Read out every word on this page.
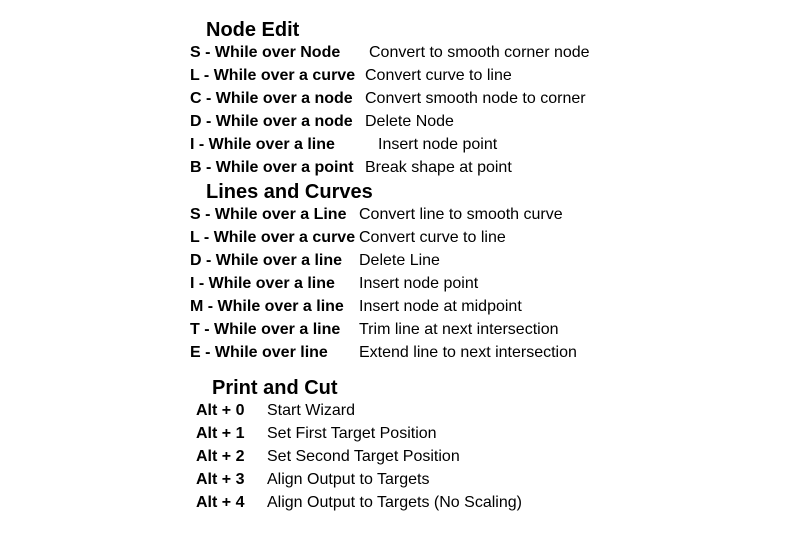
Node Edit
S - While over Node Convert to smooth corner node
L - While over a curve Convert curve to line
C - While over a node Convert smooth node to corner
D - While over a node Delete Node
I - While over a line	Insert node point
B - While over a point Break shape at point
Lines and Curves
S - While over a Line Convert line to smooth curve
L - While over a curve Convert curve to line
D - While over a line Delete Line
I - While over a line Insert node point
M - While over a line Insert node at midpoint
T - While over a line Trim line at next intersection
E - While over line Extend line to next intersection
Print and Cut
Alt + 0 Start Wizard
Alt + 1 Set First Target Position
Alt + 2 Set Second Target Position
Alt + 3 Align Output to Targets
Alt + 4 Align Output to Targets (No Scaling)
